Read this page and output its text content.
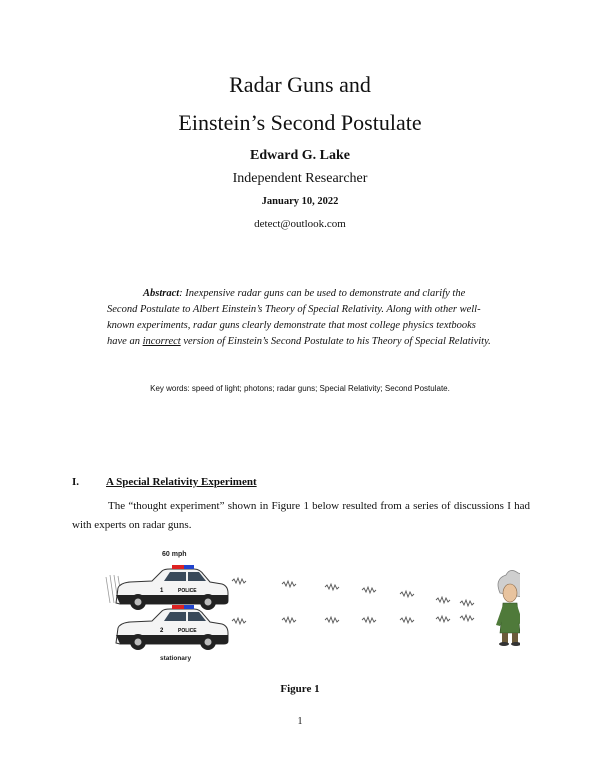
Radar Guns and
Einstein’s Second Postulate
Edward G. Lake
Independent Researcher
January 10, 2022
detect@outlook.com

Abstract: Inexpensive radar guns can be used to demonstrate and clarify the Second Postulate to Albert Einstein’s Theory of Special Relativity. Along with other well-known experiments, radar guns clearly demonstrate that most college physics textbooks have an incorrect version of Einstein’s Second Postulate to his Theory of Special Relativity.

Key words: speed of light; photons; radar guns; Special Relativity; Second Postulate.
I. A Special Relativity Experiment

The “thought experiment” shown in Figure 1 below resulted from a series of discussions I had with experts on radar guns.

60 mph
1	POLICE
2	POLICE
stationary
Figure 1
1
